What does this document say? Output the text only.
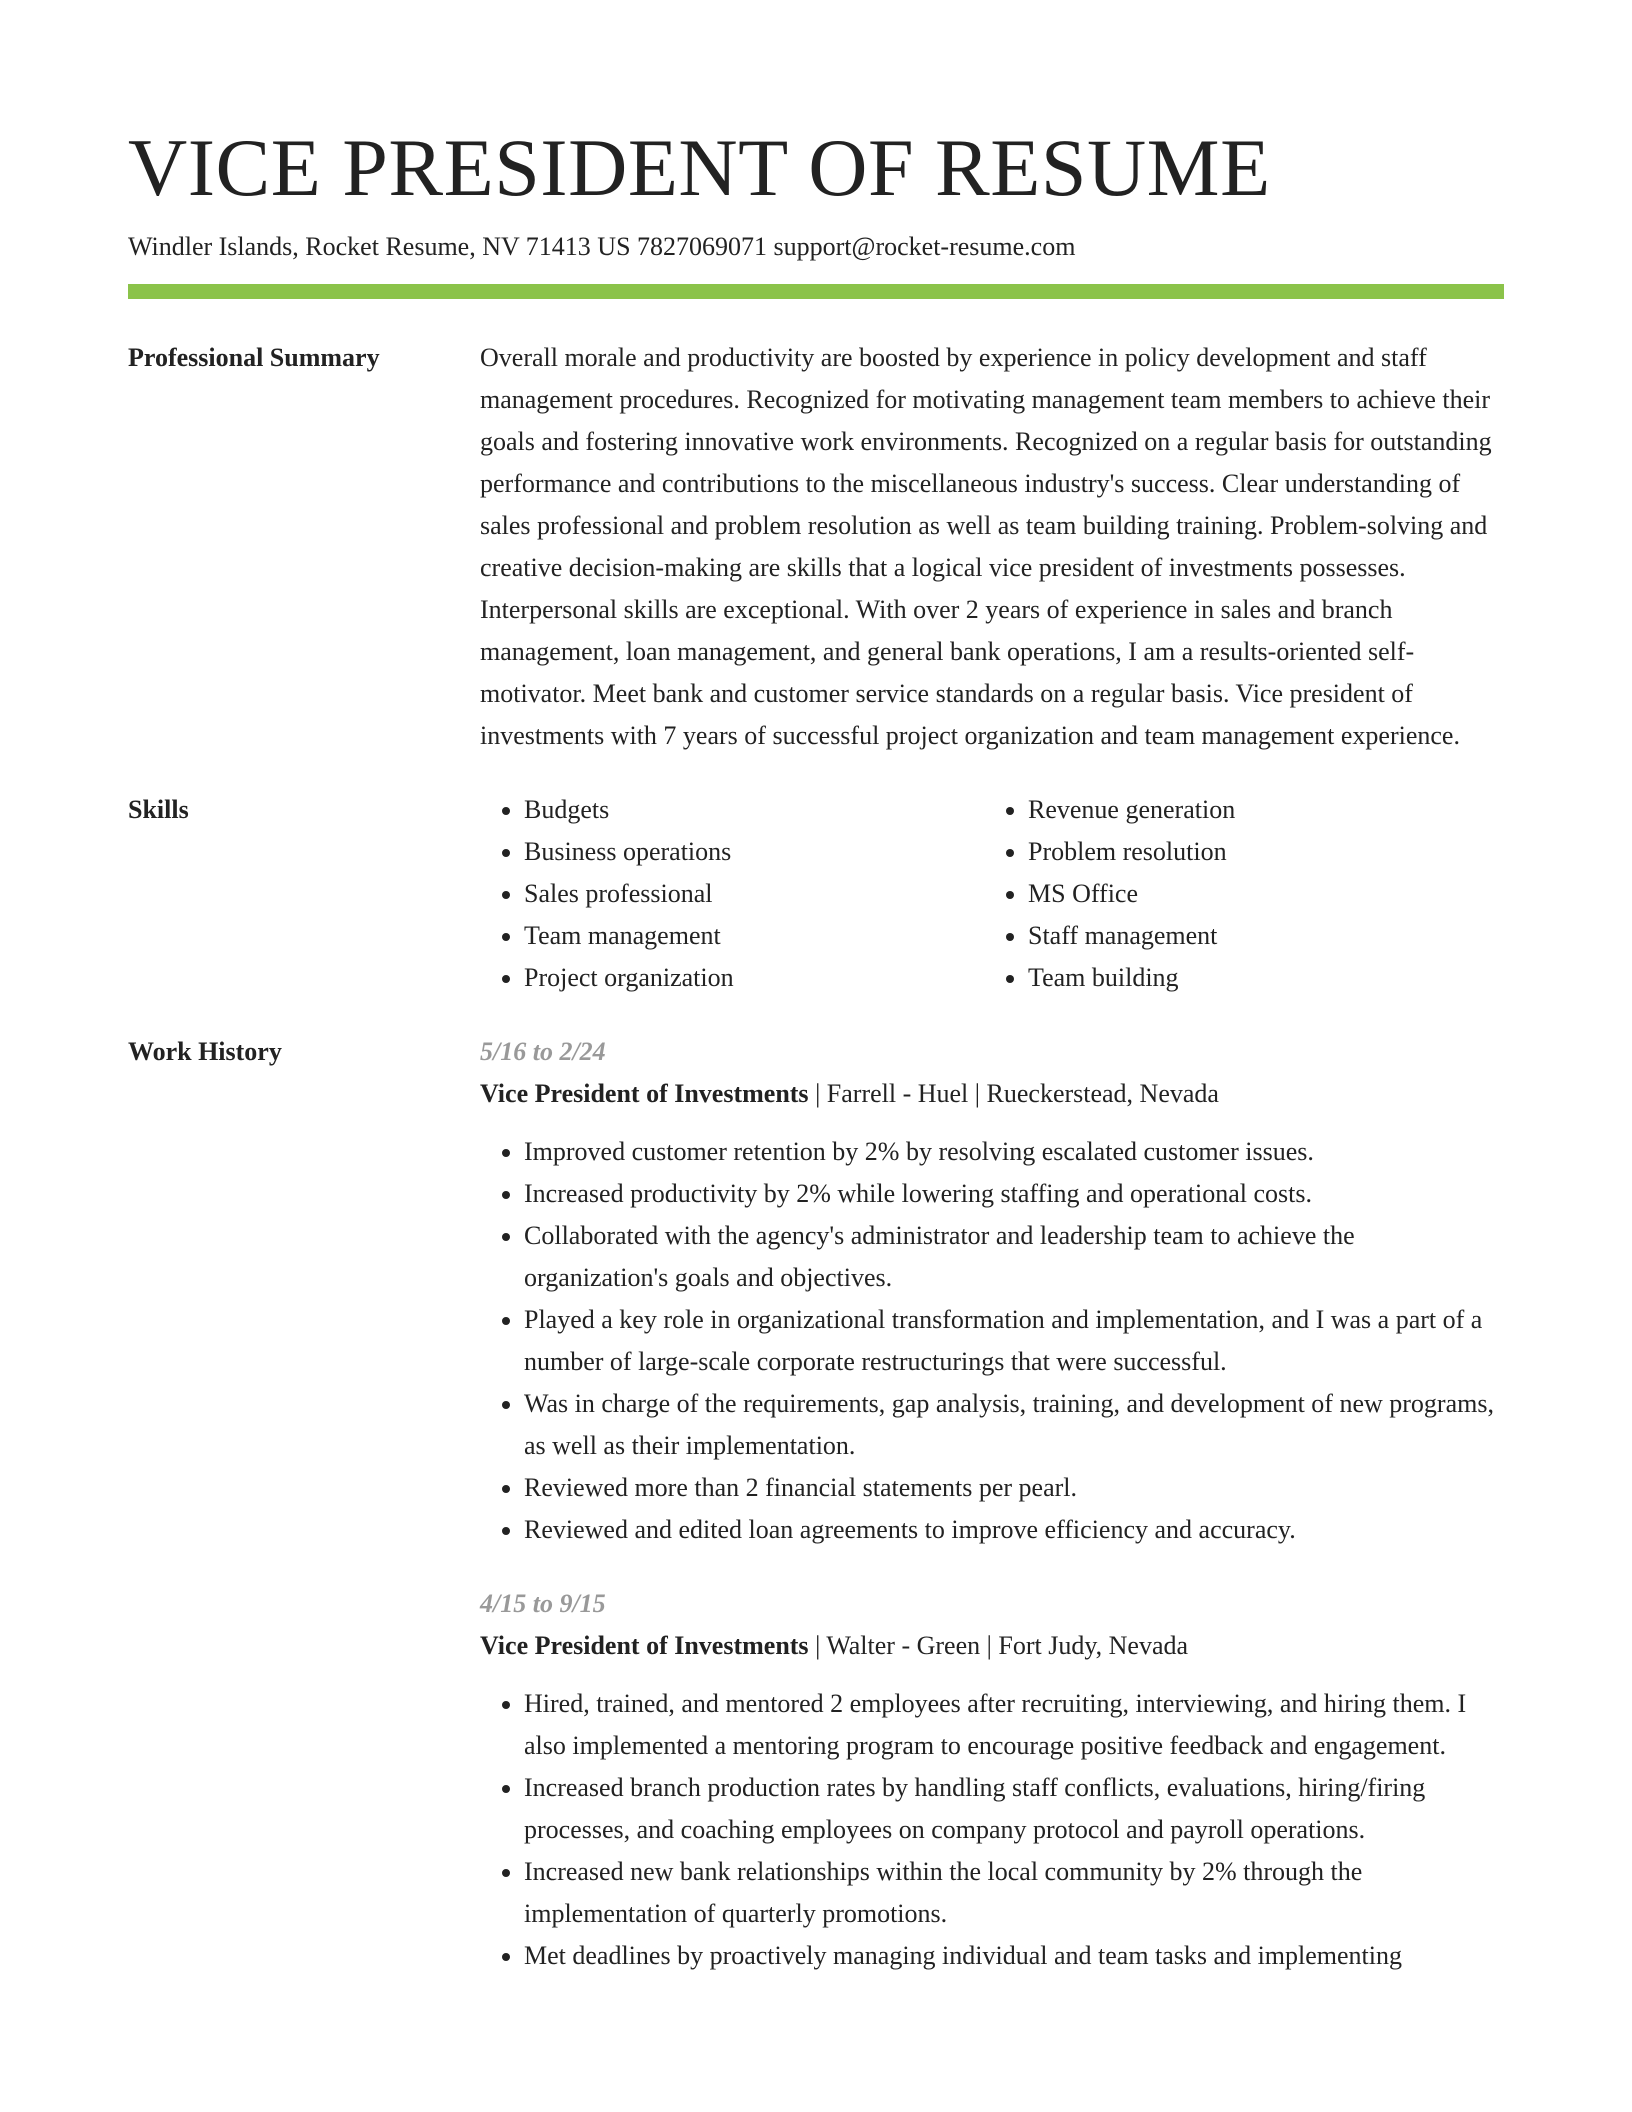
VICE PRESIDENT OF RESUME
Windler Islands, Rocket Resume, NV 71413 US 7827069071 support@rocket-resume.com
Professional Summary	Overall morale and productivity are boosted by experience in policy development and staff management procedures. Recognized for motivating management team members to achieve their goals and fostering innovative work environments. Recognized on a regular basis for outstanding performance and contributions to the miscellaneous industry's success. Clear understanding of sales professional and problem resolution as well as team building training. Problem-solving and creative decision-making are skills that a logical vice president of investments possesses. Interpersonal skills are exceptional. With over 2 years of experience in sales and branch management, loan management, and general bank operations, I am a results-oriented self-motivator. Meet bank and customer service standards on a regular basis. Vice president of investments with 7 years of successful project organization and team management experience.

Skills
•	Budgets
• Business operations
• Sales professional
• Team management
• Project organization
• Revenue generation
• Problem resolution
• MS Office
• Staff management
• Team building
Work History	5/16 to 2/24
Vice President of Investments | Farrell - Huel | Rueckerstead, Nevada
• Improved customer retention by 2% by resolving escalated customer issues.
• Increased productivity by 2% while lowering staffing and operational costs.
• Collaborated with the agency's administrator and leadership team to achieve the organization's goals and objectives.
• Played a key role in organizational transformation and implementation, and I was a part of a number of large-scale corporate restructurings that were successful.
• Was in charge of the requirements, gap analysis, training, and development of new programs, as well as their implementation.
• Reviewed more than 2 financial statements per pearl.
• Reviewed and edited loan agreements to improve efficiency and accuracy.
4/15 to 9/15
Vice President of Investments | Walter - Green | Fort Judy, Nevada
• Hired, trained, and mentored 2 employees after recruiting, interviewing, and hiring them. I also implemented a mentoring program to encourage positive feedback and engagement.
• Increased branch production rates by handling staff conflicts, evaluations, hiring/firing processes, and coaching employees on company protocol and payroll operations.
• Increased new bank relationships within the local community by 2% through the implementation of quarterly promotions.
• Met deadlines by proactively managing individual and team tasks and implementing
